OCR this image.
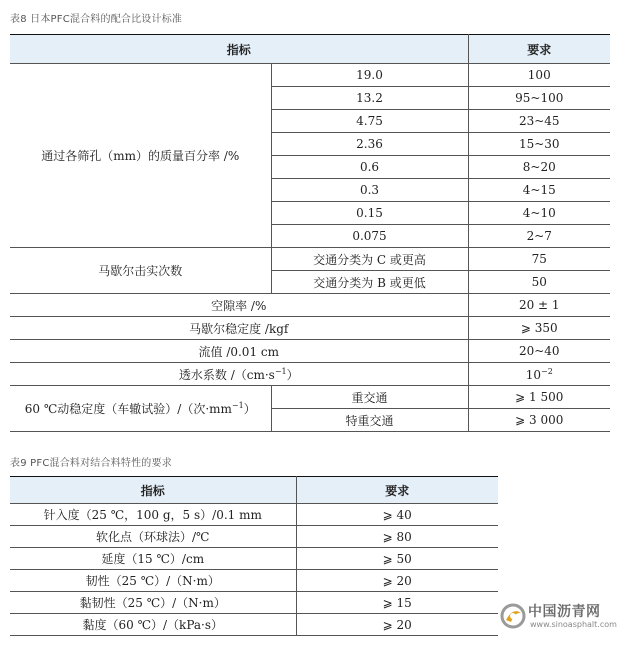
表8 日本PFC混合料的配合比设计标准
指标		要求
通过各筛孔（mm）的质量百分率 /%	19.0	100
	13.2	95~100
	4.75	23~45
	2.36	15~30
	0.6	8~20
	0.3	4~15
	0.15	4~10
	0.075	2~7
马歇尔击实次数	交通分类为 C 或更高	75
	交通分类为 B 或更低	50
空隙率 /%		20 ± 1
马歇尔稳定度 /kgf		⩾ 350
流值 /0.01 cm		20~40
透水系数 $/(cm\cdot s^{-1})$		$10^{-2}$
60 ℃动稳定度（车辙试验）/（次$\cdot mm^{-1}$）	重交通	⩾ 1 500
	特重交通	⩾ 3 000
表9 PFC混合料对结合料特性的要求
指标	要求
针入度（25 ℃，100 g，5 s）/0.1 mm	⩾ 40
软化点（环球法）/℃	⩾ 80
延度（15 ℃）/cm	⩾ 50
韧性（25 ℃）/（N·m）	⩾ 20
黏韧性（25 ℃）/（N·m）	⩾ 15
黏度（60 ℃）/（kPa·s）	⩾ 20
中国沥青网
www.sinoasphalt.com
